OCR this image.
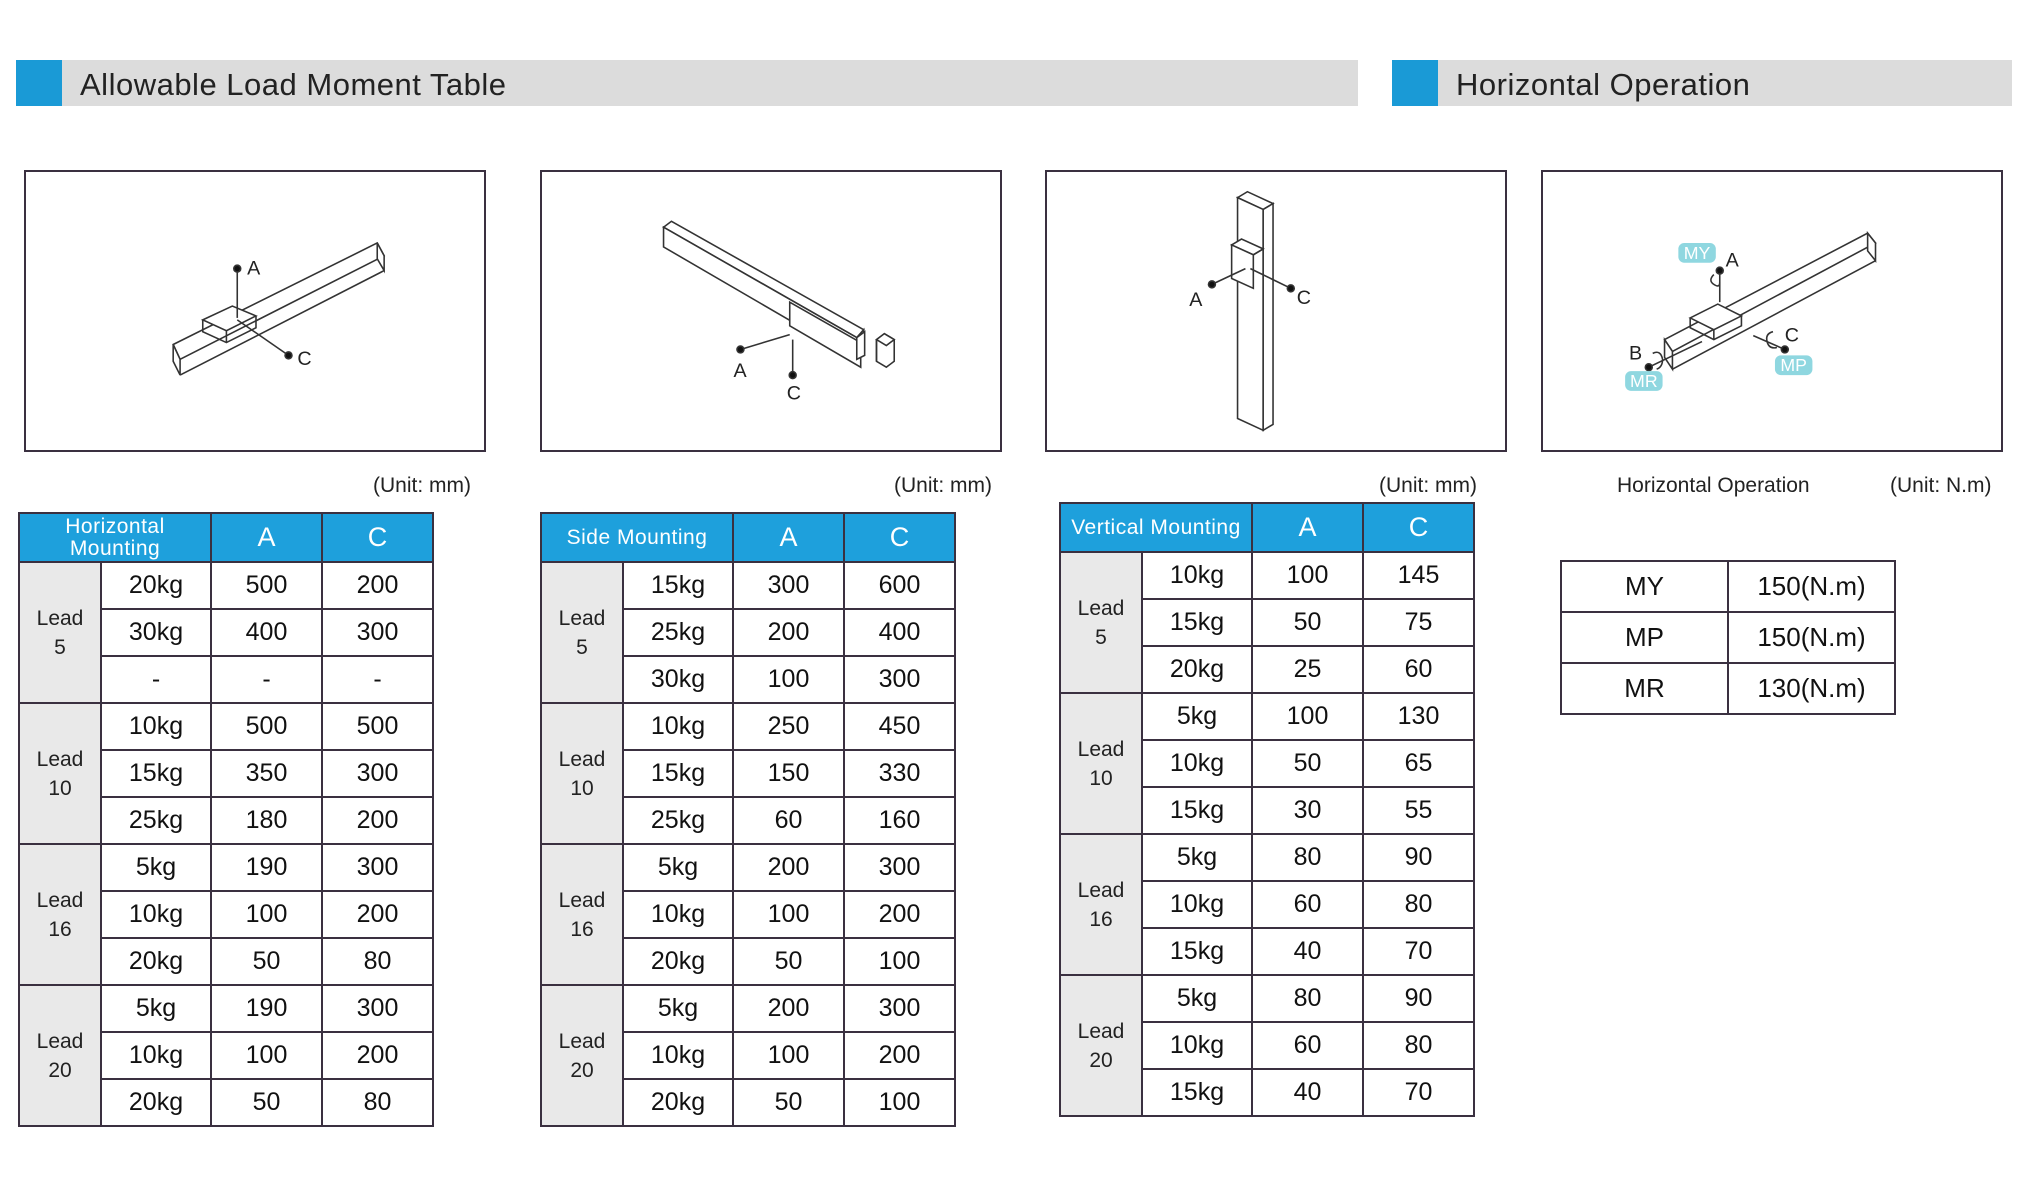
Allowable Load Moment Table	Horizontal Operation
A
C
A
C
A	C
MY
MR
MP
A
B
C
(Unit: mm)	(Unit: mm)	(Unit: mm)	Horizontal Operation	(Unit: N.m)
Horizontal
Mounting		A	C

Lead
5	20kg	500	200
	30kg	400	300
	-	-	-

Lead
10	10kg	500	500
	15kg	350	300
	25kg	180	200

Lead
16	5kg	190	300
	10kg	100	200
	20kg	50	80

Lead
20	5kg	190	300
	10kg	100	200
	20kg	50	80
Side Mounting		A	C

Lead
5	15kg	300	600
	25kg	200	400
	30kg	100	300

Lead
10	10kg	250	450
	15kg	150	330
	25kg	60	160

Lead
16	5kg	200	300
	10kg	100	200
	20kg	50	100

Lead
20	5kg	200	300
	10kg	100	200
	20kg	50	100
Vertical Mounting		A	C

Lead
5	10kg	100	145
	15kg	50	75
	20kg	25	60

Lead
10	5kg	100	130
	10kg	50	65
	15kg	30	55

Lead
16	5kg	80	90
	10kg	60	80
	15kg	40	70

Lead
20	5kg	80	90
	10kg	60	80
	15kg	40	70
MY	150(N.m)
MP	150(N.m)
MR	130(N.m)
